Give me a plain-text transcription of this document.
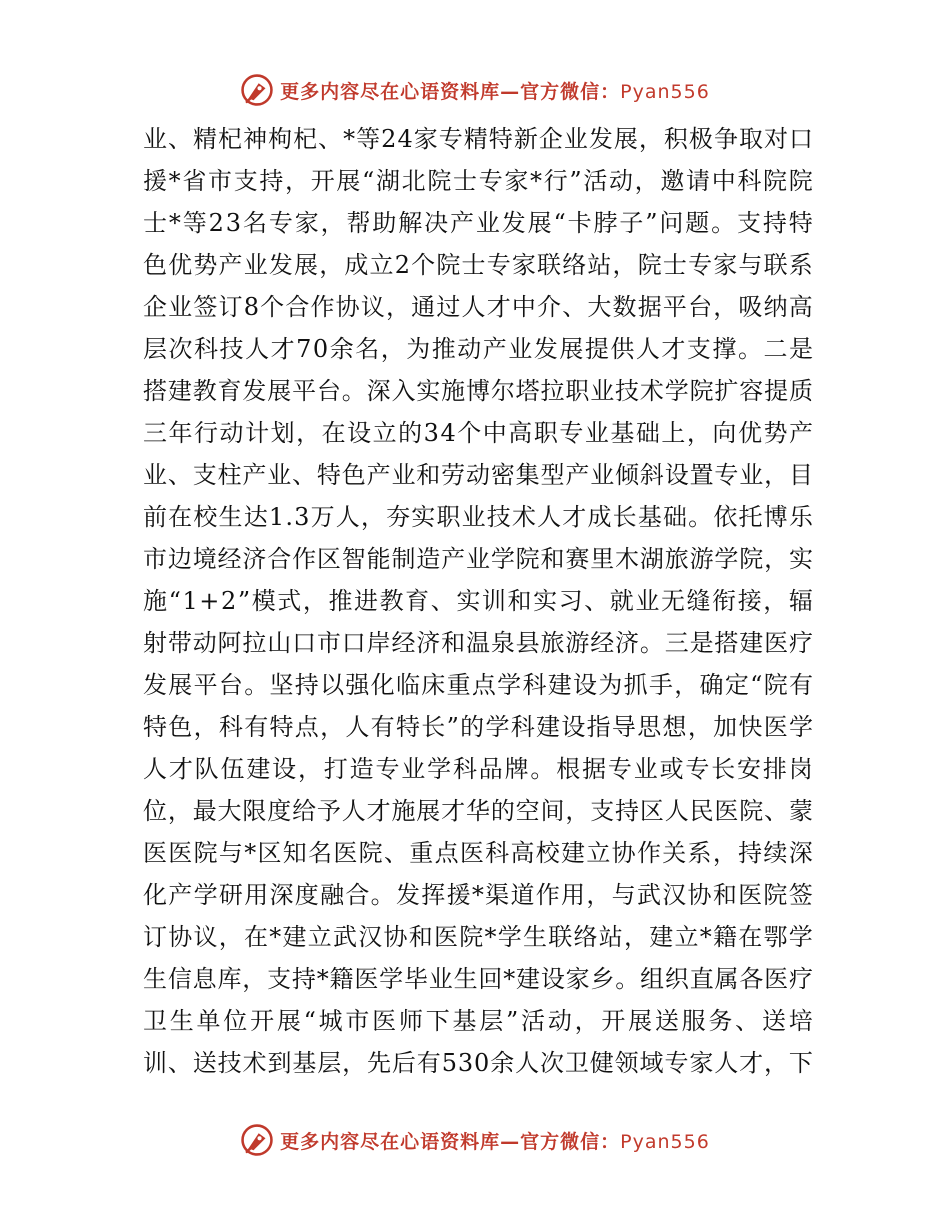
更多内容尽在心语资料库—官方微信：Pyan556
业 、 精 杞 神 枸 杞 、 * 等 2 4 家 专 精 特 新 企 业 发 展 ， 积 极 争 取 对 口
援 * 省 市 支 持 ， 开 展 “ 湖 北 院 士 专 家 * 行 ” 活 动 ， 邀 请 中 科 院 院
士 * 等 2 3 名 专 家 ， 帮 助 解 决 产 业 发 展 “ 卡 脖 子 ” 问 题 。 支 持 特
色 优 势 产 业 发 展 ， 成 立 2 个 院 士 专 家 联 络 站 ， 院 士 专 家 与 联 系
企 业 签 订 8 个 合 作 协 议 ， 通 过 人 才 中 介 、 大 数 据 平 台 ， 吸 纳 高
层 次 科 技 人 才 7 0 余 名 ， 为 推 动 产 业 发 展 提 供 人 才 支 撑 。 二 是
搭 建 教 育 发 展 平 台 。 深 入 实 施 博 尔 塔 拉 职 业 技 术 学 院 扩 容 提 质
三 年 行 动 计 划 ， 在 设 立 的 3 4 个 中 高 职 专 业 基 础 上 ， 向 优 势 产
业 、 支 柱 产 业 、 特 色 产 业 和 劳 动 密 集 型 产 业 倾 斜 设 置 专 业 ， 目
前 在 校 生 达 1 . 3 万 人 ， 夯 实 职 业 技 术 人 才 成 长 基 础 。 依 托 博 乐
市 边 境 经 济 合 作 区 智 能 制 造 产 业 学 院 和 赛 里 木 湖 旅 游 学 院 ， 实
施 “ 1 + 2 ” 模 式 ， 推 进 教 育 、 实 训 和 实 习 、 就 业 无 缝 衔 接 ， 辐
射 带 动 阿 拉 山 口 市 口 岸 经 济 和 温 泉 县 旅 游 经 济 。 三 是 搭 建 医 疗
发 展 平 台 。 坚 持 以 强 化 临 床 重 点 学 科 建 设 为 抓 手 ， 确 定 “ 院 有
特 色 ， 科 有 特 点 ， 人 有 特 长 ” 的 学 科 建 设 指 导 思 想 ， 加 快 医 学
人 才 队 伍 建 设 ， 打 造 专 业 学 科 品 牌 。 根 据 专 业 或 专 长 安 排 岗
位 ， 最 大 限 度 给 予 人 才 施 展 才 华 的 空 间 ， 支 持 区 人 民 医 院 、 蒙
医 医 院 与 * 区 知 名 医 院 、 重 点 医 科 高 校 建 立 协 作 关 系 ， 持 续 深
化 产 学 研 用 深 度 融 合 。 发 挥 援 * 渠 道 作 用 ， 与 武 汉 协 和 医 院 签
订 协 议 ， 在 * 建 立 武 汉 协 和 医 院 * 学 生 联 络 站 ， 建 立 * 籍 在 鄂 学
生 信 息 库 ， 支 持 * 籍 医 学 毕 业 生 回 * 建 设 家 乡 。 组 织 直 属 各 医 疗
卫 生 单 位 开 展 “ 城 市 医 师 下 基 层 ” 活 动 ， 开 展 送 服 务 、 送 培
训 、 送 技 术 到 基 层 ， 先 后 有 5 3 0 余 人 次 卫 健 领 域 专 家 人 才 ， 下
更多内容尽在心语资料库—官方微信：Pyan556
